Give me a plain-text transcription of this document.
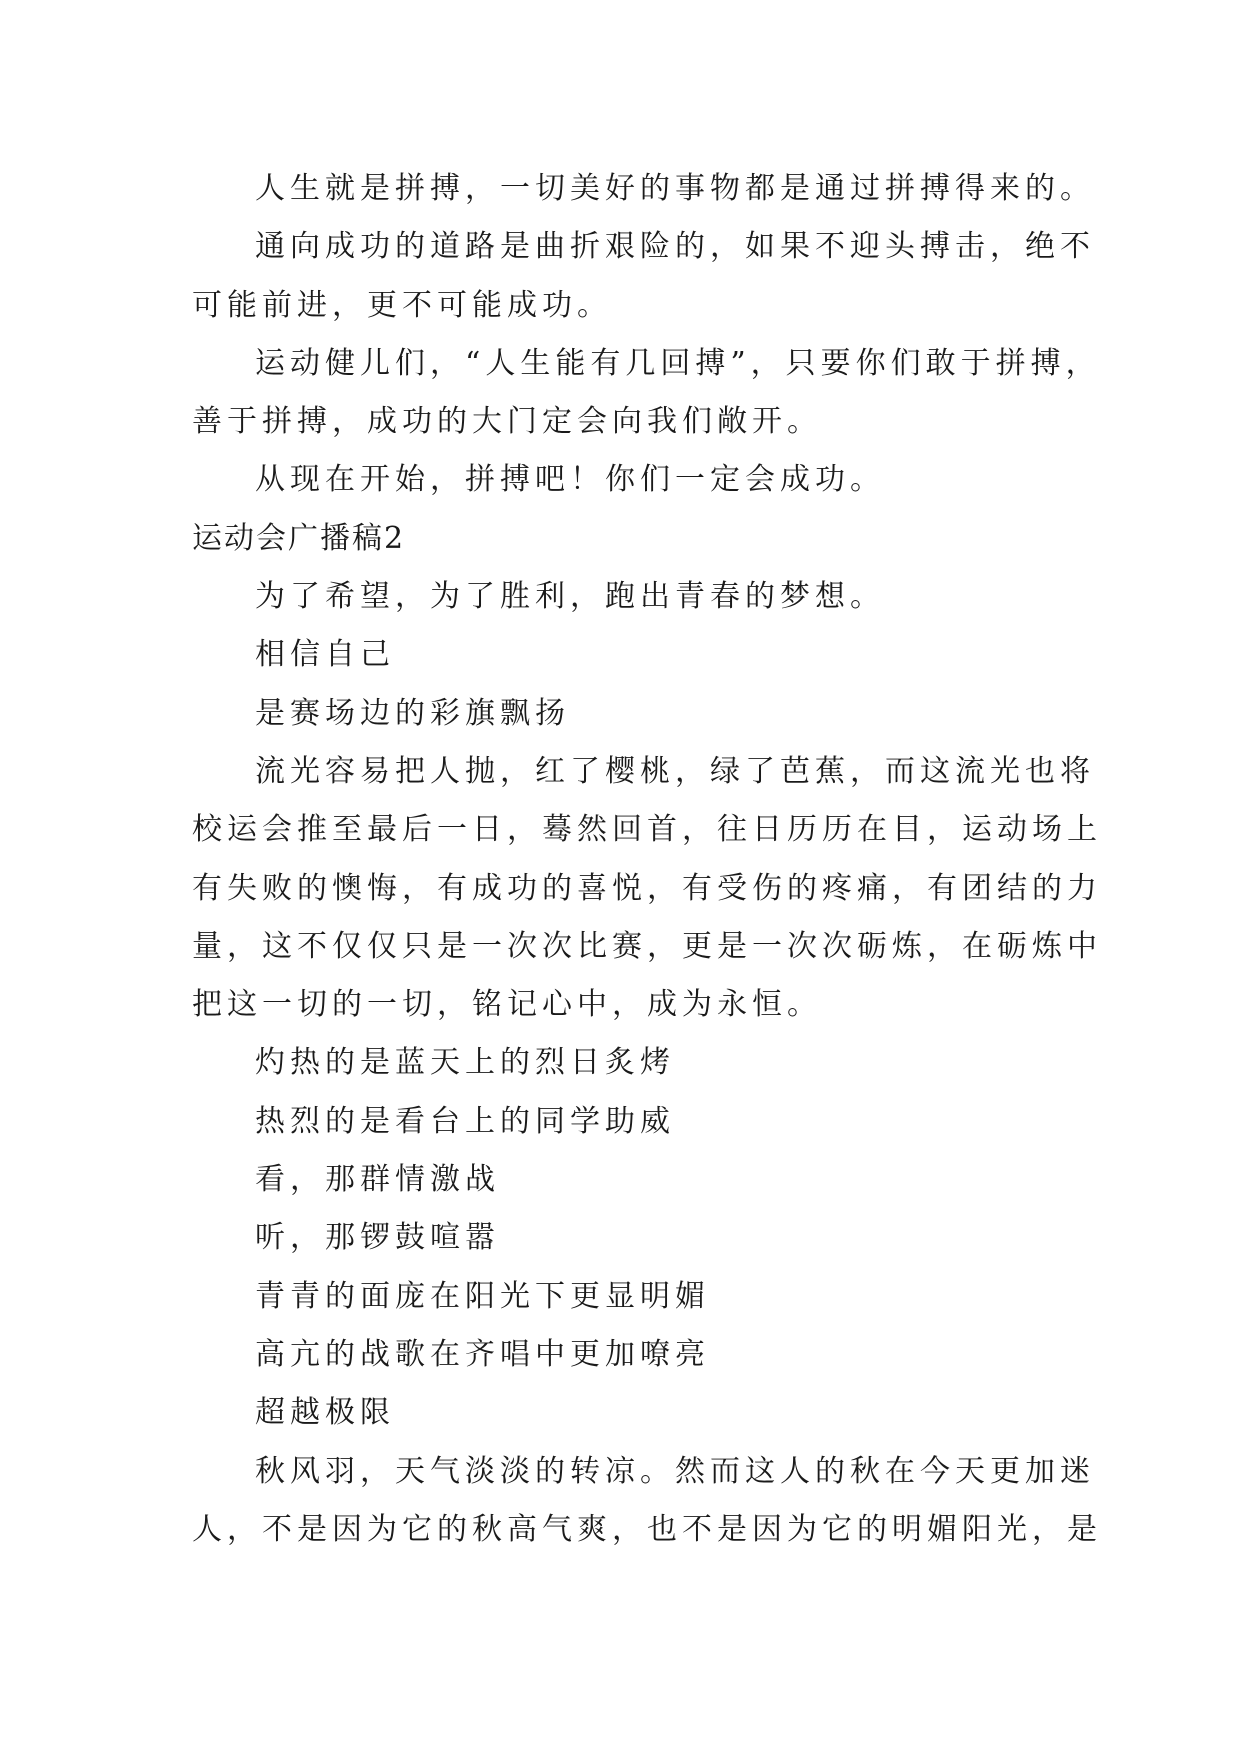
人生就是拼搏，一切美好的事物都是通过拼搏得来的。
通向成功的道路是曲折艰险的，如果不迎头搏击，绝不
可能前进，更不可能成功。
运动健儿们，“人生能有几回搏”，只要你们敢于拼搏，
善于拼搏，成功的大门定会向我们敞开。
从现在开始，拼搏吧！你们一定会成功。
运动会广播稿2
为了希望，为了胜利，跑出青春的梦想。
相信自己
是赛场边的彩旗飘扬
流光容易把人抛，红了樱桃，绿了芭蕉，而这流光也将
校运会推至最后一日，蓦然回首，往日历历在目，运动场上
有失败的懊悔，有成功的喜悦，有受伤的疼痛，有团结的力
量，这不仅仅只是一次次比赛，更是一次次砺炼，在砺炼中
把这一切的一切，铭记心中，成为永恒。
灼热的是蓝天上的烈日炙烤
热烈的是看台上的同学助威
看，那群情激战
听，那锣鼓喧嚣
青青的面庞在阳光下更显明媚
高亢的战歌在齐唱中更加嘹亮
超越极限
秋风羽，天气淡淡的转凉。然而这人的秋在今天更加迷
人，不是因为它的秋高气爽，也不是因为它的明媚阳光，是
